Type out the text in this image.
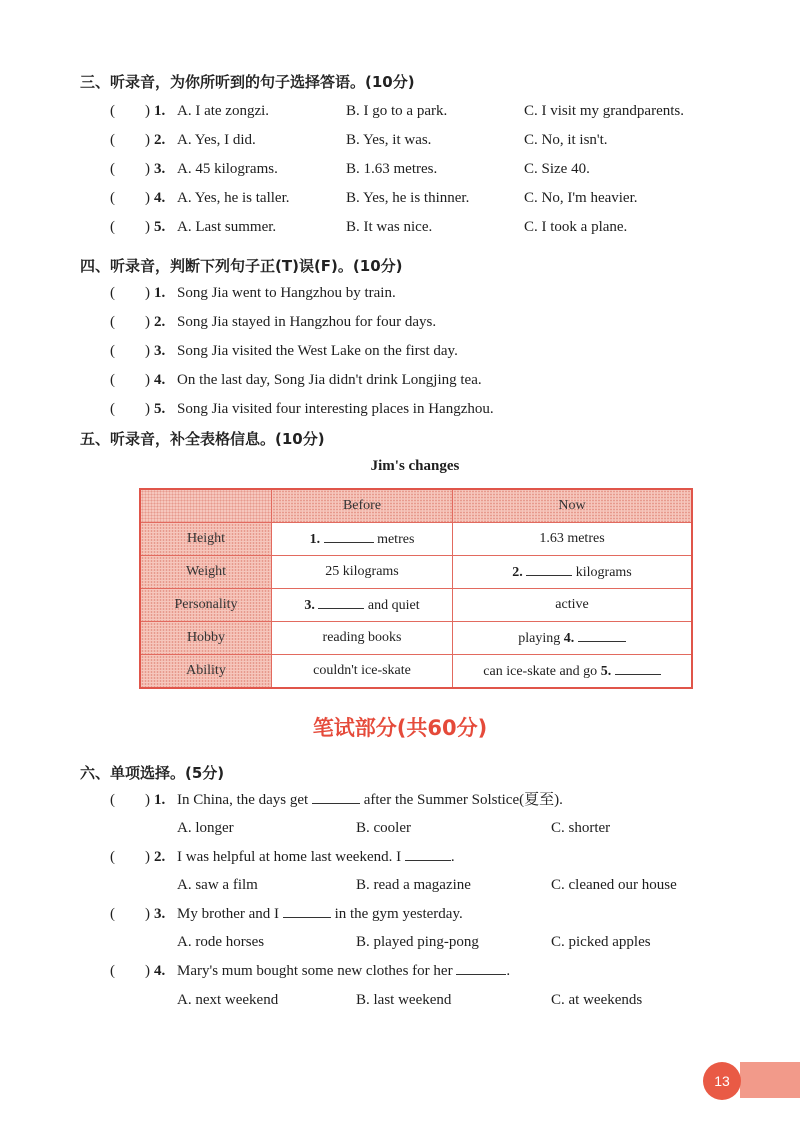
三、听录音，为你所听到的句子选择答语。(10分)
( ) 1. A. I ate zongzi.	B. I go to a park.	C. I visit my grandparents.
( ) 2. A. Yes, I did.	B. Yes, it was.	C. No, it isn't.
( ) 3. A. 45 kilograms.	B. 1.63 metres.	C. Size 40.
( ) 4. A. Yes, he is taller.	B. Yes, he is thinner.	C. No, I'm heavier.
( ) 5. A. Last summer.	B. It was nice.	C. I took a plane.
四、听录音，判断下列句子正(T)误(F)。(10分)
( ) 1. Song Jia went to Hangzhou by train.
( ) 2. Song Jia stayed in Hangzhou for four days.
( ) 3. Song Jia visited the West Lake on the first day.
( ) 4. On the last day, Song Jia didn't drink Longjing tea.
( ) 5. Song Jia visited four interesting places in Hangzhou.
五、听录音，补全表格信息。(10分)
Jim's changes
	Before	Now
Height	1. metres	1.63 metres
Weight	25 kilograms	2. kilograms
Personality	3. and quiet	active
Hobby	reading books	playing 4.
Ability	couldn't ice-skate	can ice-skate and go 5.
笔试部分(共60分)
六、单项选择。(5分)
( ) 1. In China, the days get	after the Summer Solstice(夏至).
A. longer	B. cooler	C. shorter
( ) 2. I was helpful at home last weekend. I	.
A. saw a film	B. read a magazine	C. cleaned our house
( ) 3. My brother and I	in the gym yesterday.
A. rode horses	B. played ping-pong	C. picked apples
( ) 4. Mary's mum bought some new clothes for her	.
A. next weekend	B. last weekend	C. at weekends
13
